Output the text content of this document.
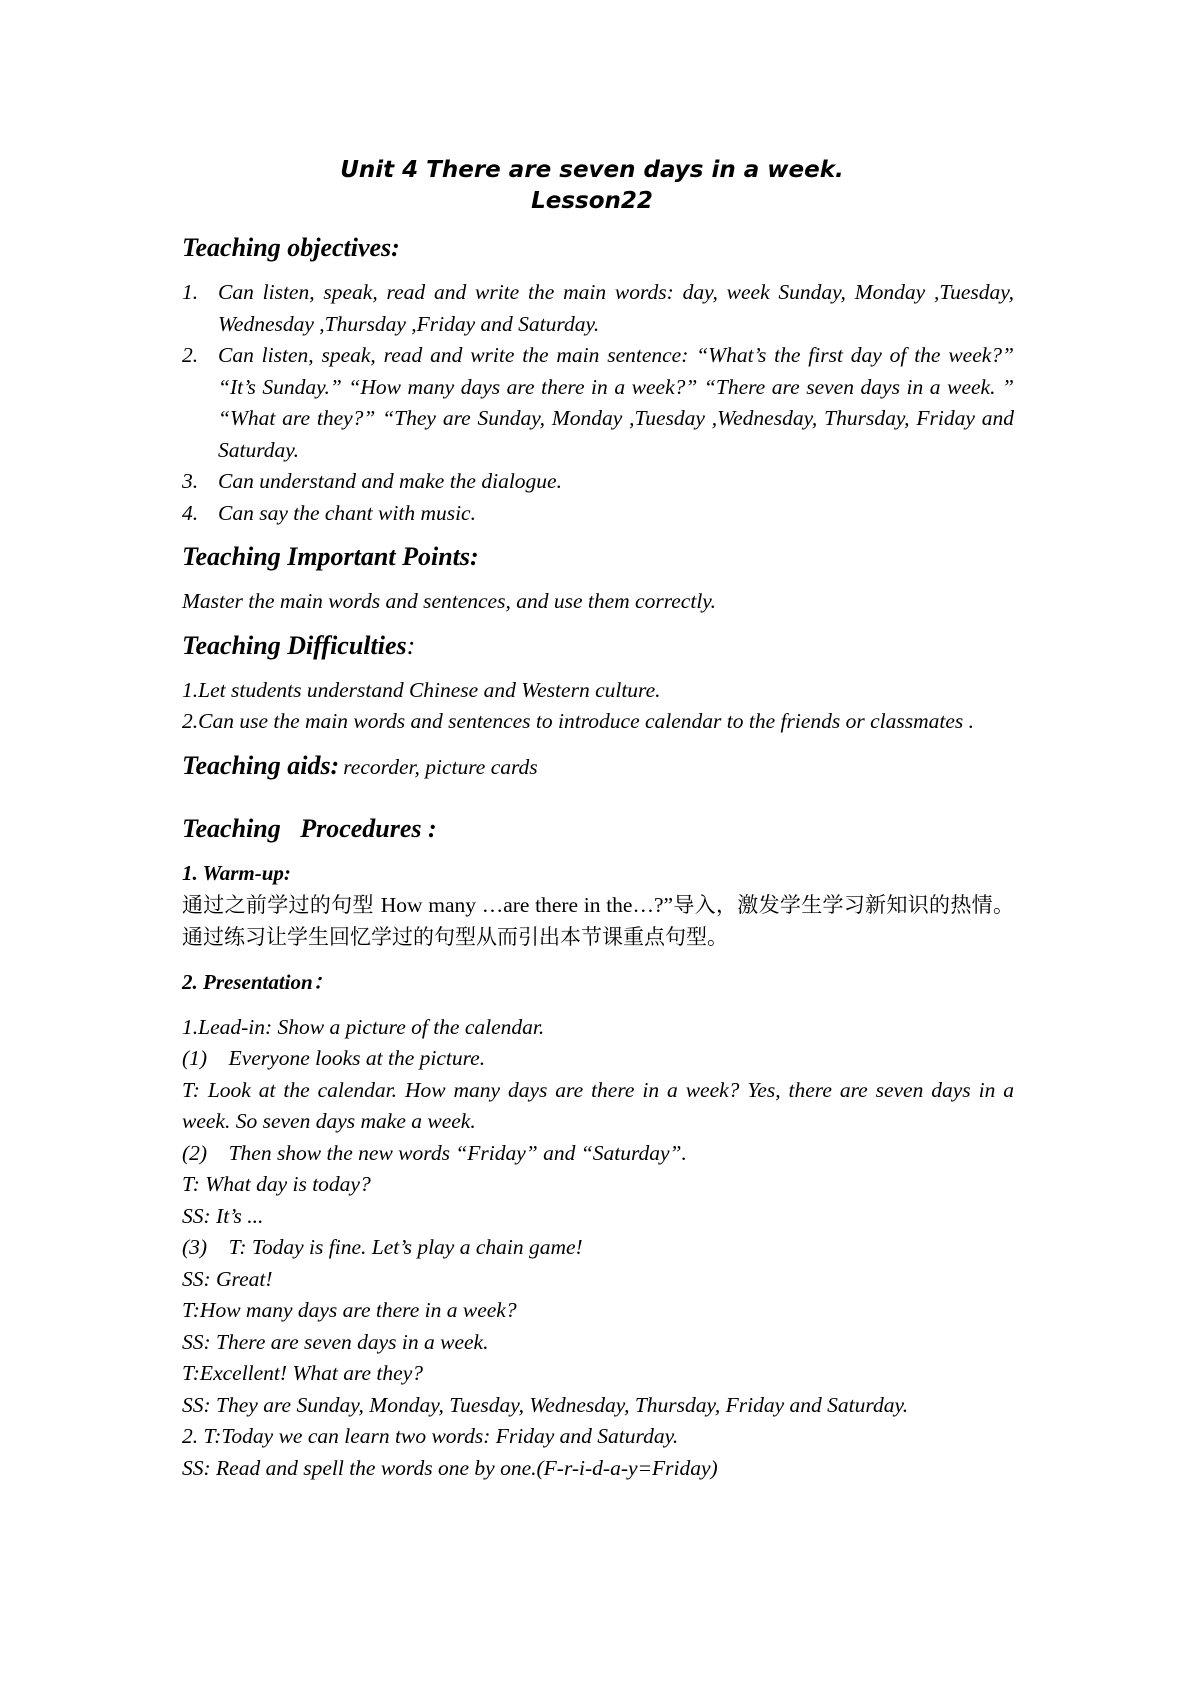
Unit 4 There are seven days in a week.
Lesson22
Teaching objectives:
1. Can listen, speak, read and write the main words: day, week Sunday, Monday ,Tuesday, Wednesday ,Thursday ,Friday and Saturday.
2. Can listen, speak, read and write the main sentence: “What’s the first day of the week?” “It’s Sunday.” “How many days are there in a week?” “There are seven days in a week. ” “What are they?” “They are Sunday, Monday ,Tuesday ,Wednesday, Thursday, Friday and Saturday.
3. Can understand and make the dialogue.
4. Can say the chant with music.
Teaching Important Points:

Master the main words and sentences, and use them correctly.

Teaching Difficulties:

1.Let students understand Chinese and Western culture.

2.Can use the main words and sentences to introduce calendar to the friends or classmates .

Teaching aids: recorder, picture cards

Teaching   Procedures :

1. Warm-up:

通过之前学过的句型 How many …are there in the…?”导入，激发学生学习新知识的热情。通过练习让学生回忆学过的句型从而引出本节课重点句型。

2. Presentation：

1.Lead-in: Show a picture of the calendar.

(1)    Everyone looks at the picture.

T: Look at the calendar. How many days are there in a week? Yes, there are seven days in a week. So seven days make a week.

(2)    Then show the new words “Friday” and “Saturday”.

T: What day is today?

SS: It’s ...

(3)    T: Today is fine. Let’s play a chain game!

SS: Great!

T:How many days are there in a week?

SS: There are seven days in a week.

T:Excellent! What are they?

SS: They are Sunday, Monday, Tuesday, Wednesday, Thursday, Friday and Saturday.

2. T:Today we can learn two words: Friday and Saturday.

SS: Read and spell the words one by one.(F-r-i-d-a-y=Friday)
